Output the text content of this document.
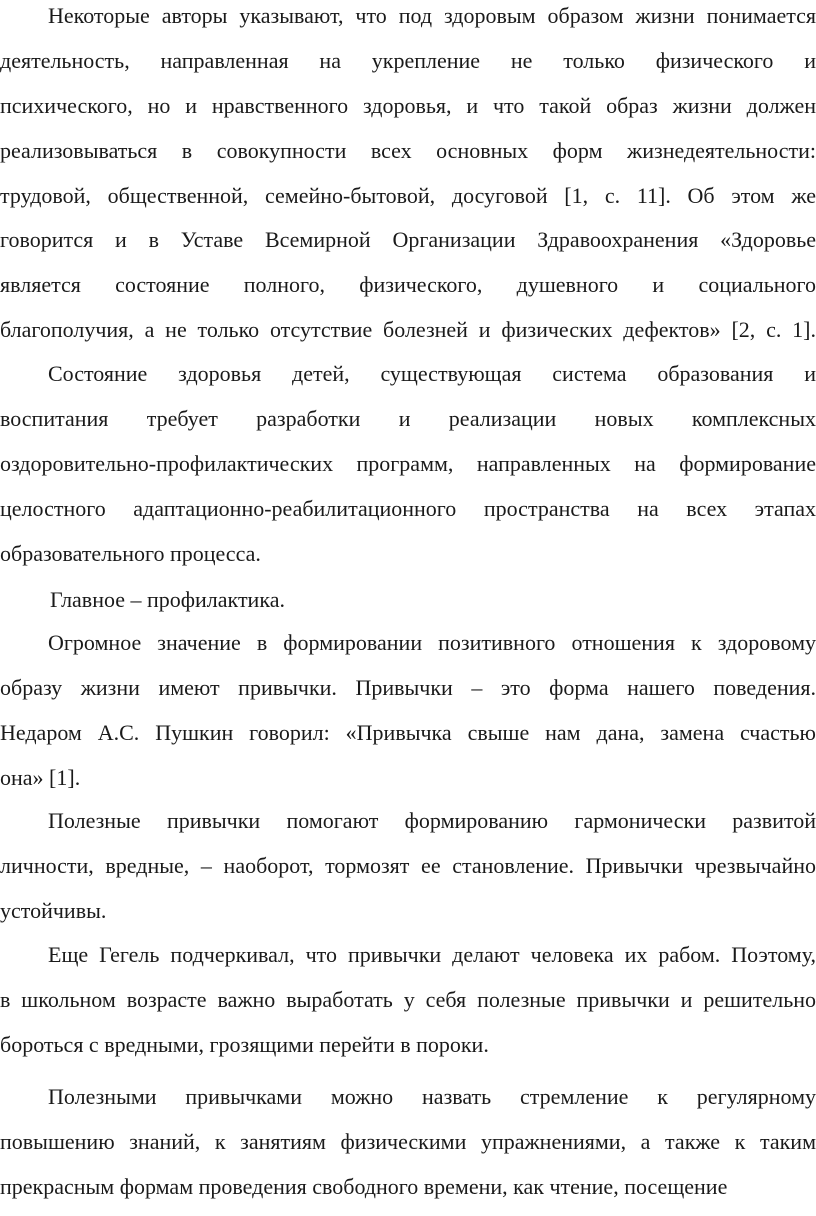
Некоторые авторы указывают, что под здоровым образом жизни понимается
деятельность, направленная на укрепление не только физического и
психического, но и нравственного здоровья, и что такой образ жизни должен
реализовываться в совокупности всех основных форм жизнедеятельности:
трудовой, общественной, семейно-бытовой, досуговой [1, с. 11]. Об этом же
говорится и в Уставе Всемирной Организации Здравоохранения «Здоровье
является состояние полного, физического, душевного и социального
благополучия, а не только отсутствие болезней и физических дефектов» [2, с. 1].
Состояние здоровья детей, существующая система образования и
воспитания требует разработки и реализации новых комплексных
оздоровительно-профилактических программ, направленных на формирование
целостного адаптационно-реабилитационного пространства на всех этапах
образовательного процесса.
Главное – профилактика.
Огромное значение в формировании позитивного отношения к здоровому
образу жизни имеют привычки. Привычки – это форма нашего поведения.
Недаром А.С. Пушкин говорил: «Привычка свыше нам дана, замена счастью
она» [1].
Полезные привычки помогают формированию гармонически развитой
личности, вредные, – наоборот, тормозят ее становление. Привычки чрезвычайно
устойчивы.
Еще Гегель подчеркивал, что привычки делают человека их рабом. Поэтому,
в школьном возрасте важно выработать у себя полезные привычки и решительно
бороться с вредными, грозящими перейти в пороки.
Полезными привычками можно назвать стремление к регулярному
повышению знаний, к занятиям физическими упражнениями, а также к таким
прекрасным формам проведения свободного времени, как чтение, посещение
